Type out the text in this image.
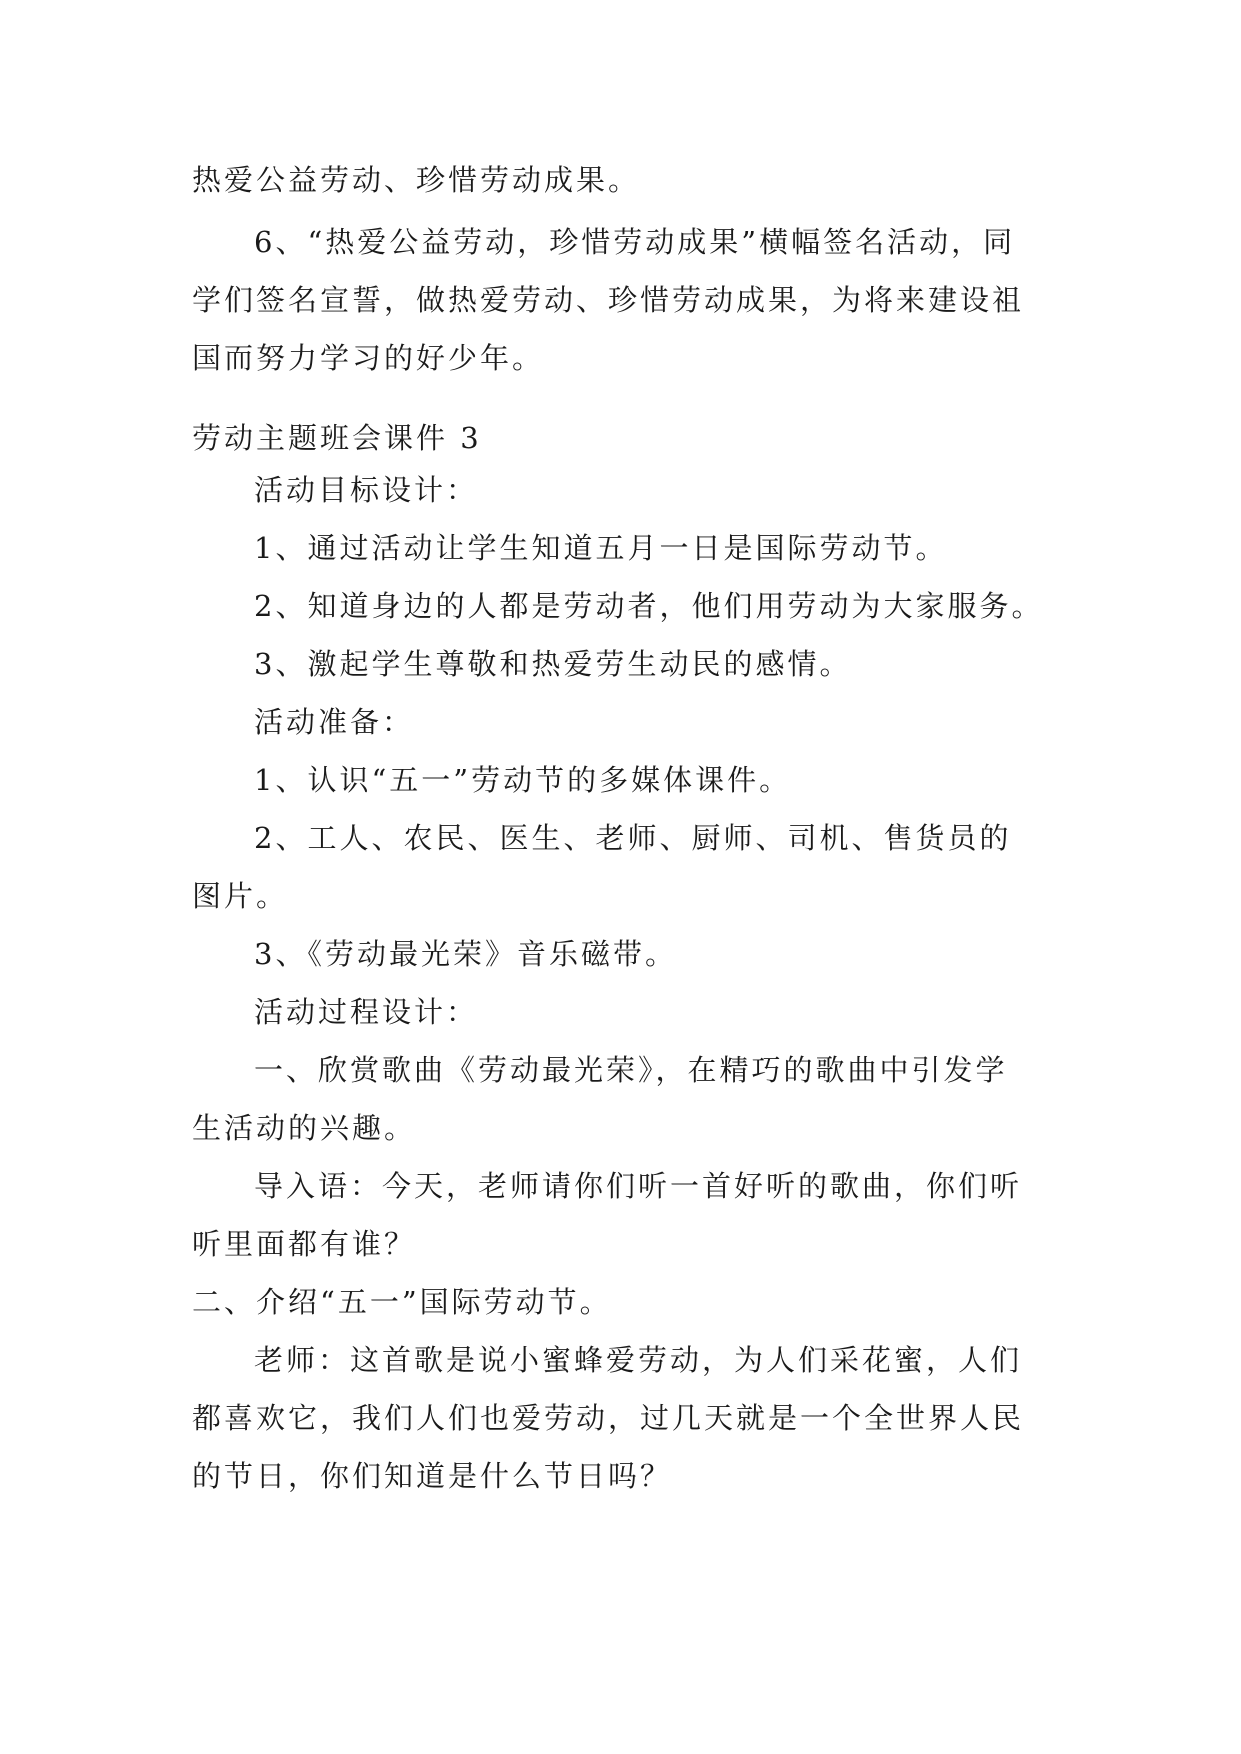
热爱公益劳动、珍惜劳动成果。
6、“热爱公益劳动，珍惜劳动成果”横幅签名活动，同
学们签名宣誓，做热爱劳动、珍惜劳动成果，为将来建设祖
国而努力学习的好少年。
劳动主题班会课件 3
活动目标设计：
1、通过活动让学生知道五月一日是国际劳动节。
2、知道身边的人都是劳动者，他们用劳动为大家服务。
3、激起学生尊敬和热爱劳生动民的感情。
活动准备：
1、认识“五一”劳动节的多媒体课件。
2、工人、农民、医生、老师、厨师、司机、售货员的
图片。
3、《劳动最光荣》音乐磁带。
活动过程设计：
一、欣赏歌曲《劳动最光荣》，在精巧的歌曲中引发学
生活动的兴趣。
导入语：今天，老师请你们听一首好听的歌曲，你们听
听里面都有谁？
二、介绍“五一”国际劳动节。
老师：这首歌是说小蜜蜂爱劳动，为人们采花蜜，人们
都喜欢它，我们人们也爱劳动，过几天就是一个全世界人民
的节日，你们知道是什么节日吗？
